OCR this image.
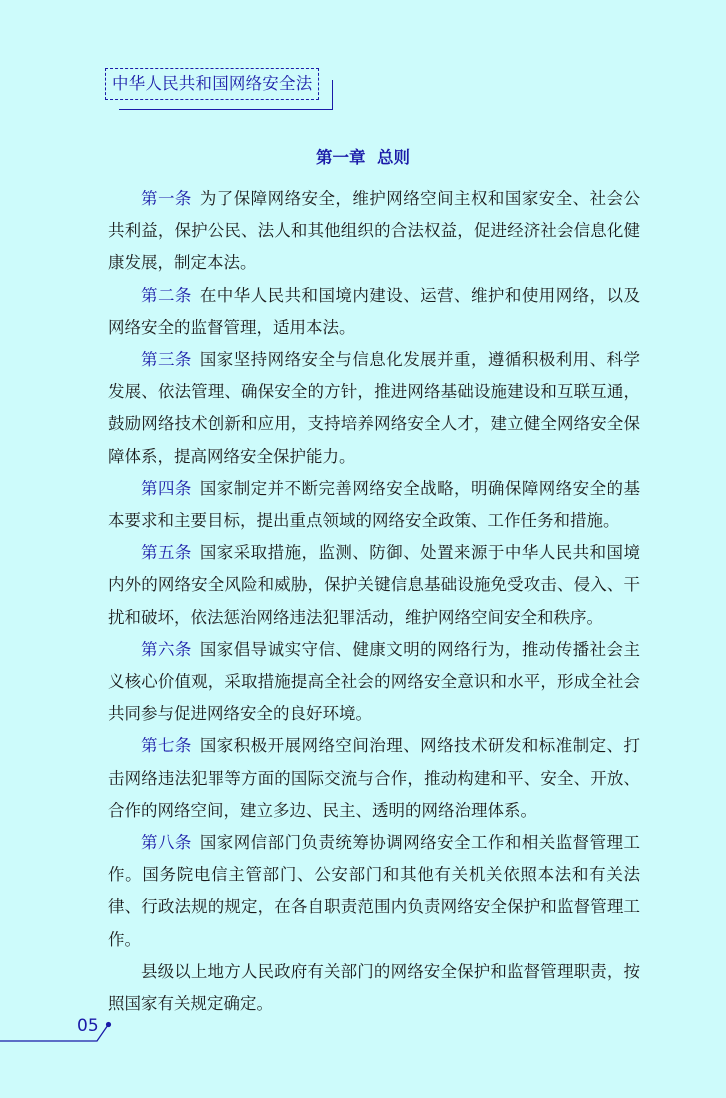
中华人民共和国网络安全法
第一章  总则

第一条 为了保障网络安全，维护网络空间主权和国家安全、社会公共利益，保护公民、法人和其他组织的合法权益，促进经济社会信息化健康发展，制定本法。

第二条 在中华人民共和国境内建设、运营、维护和使用网络，以及网络安全的监督管理，适用本法。

第三条 国家坚持网络安全与信息化发展并重，遵循积极利用、科学发展、依法管理、确保安全的方针，推进网络基础设施建设和互联互通，鼓励网络技术创新和应用，支持培养网络安全人才，建立健全网络安全保障体系，提高网络安全保护能力。

第四条 国家制定并不断完善网络安全战略，明确保障网络安全的基本要求和主要目标，提出重点领域的网络安全政策、工作任务和措施。

第五条 国家采取措施，监测、防御、处置来源于中华人民共和国境内外的网络安全风险和威胁，保护关键信息基础设施免受攻击、侵入、干扰和破坏，依法惩治网络违法犯罪活动，维护网络空间安全和秩序。

第六条 国家倡导诚实守信、健康文明的网络行为，推动传播社会主义核心价值观，采取措施提高全社会的网络安全意识和水平，形成全社会共同参与促进网络安全的良好环境。

第七条 国家积极开展网络空间治理、网络技术研发和标准制定、打击网络违法犯罪等方面的国际交流与合作，推动构建和平、安全、开放、合作的网络空间，建立多边、民主、透明的网络治理体系。

第八条 国家网信部门负责统筹协调网络安全工作和相关监督管理工作。国务院电信主管部门、公安部门和其他有关机关依照本法和有关法律、行政法规的规定，在各自职责范围内负责网络安全保护和监督管理工作。

县级以上地方人民政府有关部门的网络安全保护和监督管理职责，按照国家有关规定确定。

05
